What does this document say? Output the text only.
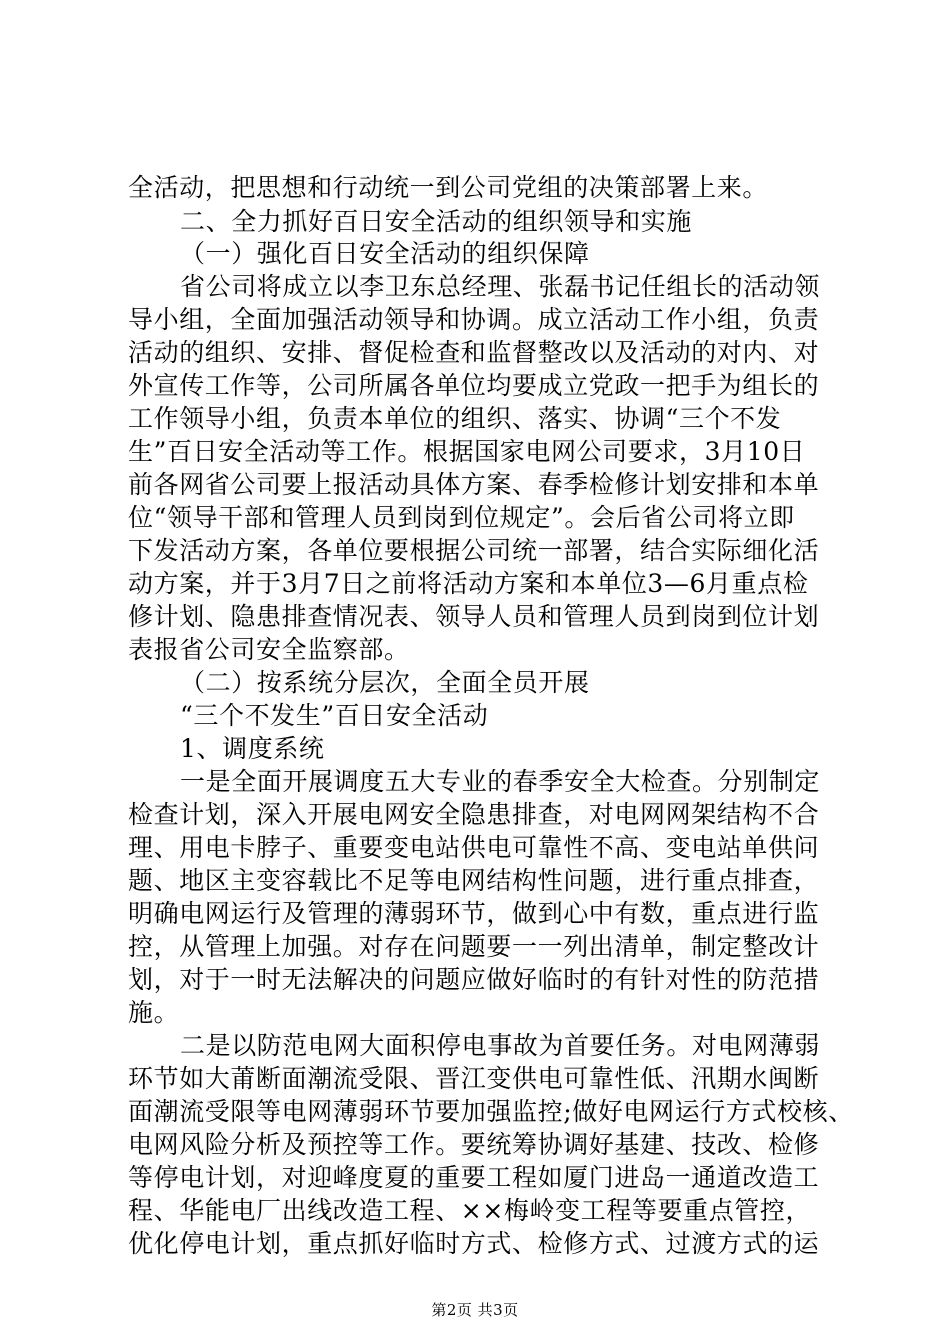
全活动，把思想和行动统一到公司党组的决策部署上来。
二、全力抓好百日安全活动的组织领导和实施
（一）强化百日安全活动的组织保障
省公司将成立以李卫东总经理、张磊书记任组长的活动领
导小组，全面加强活动领导和协调。成立活动工作小组，负责
活动的组织、安排、督促检查和监督整改以及活动的对内、对
外宣传工作等，公司所属各单位均要成立党政一把手为组长的
工作领导小组，负责本单位的组织、落实、协调“三个不发
生”百日安全活动等工作。根据国家电网公司要求，3月10日
前各网省公司要上报活动具体方案、春季检修计划安排和本单
位“领导干部和管理人员到岗到位规定”。会后省公司将立即
下发活动方案，各单位要根据公司统一部署，结合实际细化活
动方案，并于3月7日之前将活动方案和本单位3—6月重点检
修计划、隐患排查情况表、领导人员和管理人员到岗到位计划
表报省公司安全监察部。
（二）按系统分层次，全面全员开展
“三个不发生”百日安全活动
1、调度系统
一是全面开展调度五大专业的春季安全大检查。分别制定
检查计划，深入开展电网安全隐患排查，对电网网架结构不合
理、用电卡脖子、重要变电站供电可靠性不高、变电站单供问
题、地区主变容载比不足等电网结构性问题，进行重点排查，
明确电网运行及管理的薄弱环节，做到心中有数，重点进行监
控，从管理上加强。对存在问题要一一列出清单，制定整改计
划，对于一时无法解决的问题应做好临时的有针对性的防范措
施。
二是以防范电网大面积停电事故为首要任务。对电网薄弱
环节如大莆断面潮流受限、晋江变供电可靠性低、汛期水闽断
面潮流受限等电网薄弱环节要加强监控;做好电网运行方式校核、
电网风险分析及预控等工作。要统筹协调好基建、技改、检修
等停电计划，对迎峰度夏的重要工程如厦门进岛一通道改造工
程、华能电厂出线改造工程、××梅岭变工程等要重点管控，
优化停电计划，重点抓好临时方式、检修方式、过渡方式的运
第2页 共3页
